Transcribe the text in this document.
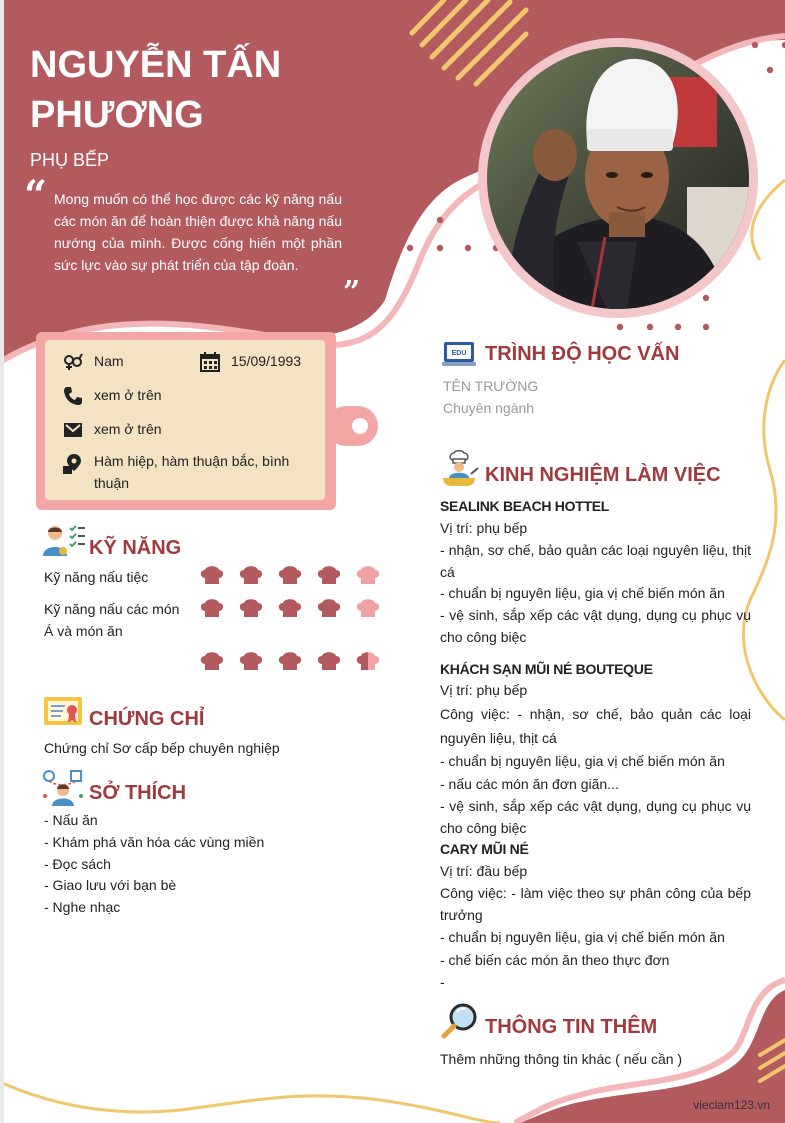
NGUYỄN TẤN PHƯƠNG
PHỤ BẾP
“ Mong muốn có thể học được các kỹ năng nấu các món ăn để hoàn thiện được khả năng nấu nướng của mình. Được cống hiến một phần sức lực vào sự phát triển của tập đoàn.
”
Nam	15/09/1993
xem ở trên
xem ở trên
Hàm hiệp, hàm thuận bắc, bình thuận
KỸ NĂNG
Kỹ năng nấu tiệc
Kỹ năng nấu các món Á và món ăn
CHỨNG CHỈ
Chứng chỉ Sơ cấp bếp chuyên nghiệp
SỞ THÍCH
- Nấu ăn
- Khám phá văn hóa các vùng miền
- Đọc sách
- Giao lưu với bạn bè
- Nghe nhạc
EDU TRÌNH ĐỘ HỌC VẤN
TÊN TRƯỜNG
Chuyên ngành
KINH NGHIỆM LÀM VIỆC
SEALINK BEACH HOTTEL
Vị trí: phụ bếp
- nhận, sơ chế, bảo quản các loại nguyên liệu, thịt cá
- chuẩn bị nguyên liệu, gia vị chế biến món ăn
- vệ sinh, sắp xếp các vật dụng, dụng cụ phục vụ cho công biệc
KHÁCH SẠN MŨI NÉ BOUTEQUE
Vị trí: phụ bếp
Công việc: - nhận, sơ chế, bảo quản các loại nguyên liệu, thịt cá
- chuẩn bị nguyên liệu, gia vị chế biến món ăn
- nấu các món ăn đơn giãn...
- vệ sinh, sắp xếp các vật dụng, dụng cụ phục vụ cho công biệc
CARY MŨI NÉ
Vị trí: đầu bếp
Công việc: - làm việc theo sự phân công của bếp trưởng
- chuẩn bị nguyên liệu, gia vị chế biến món ăn
- chế biến các món ăn theo thực đơn
-
THÔNG TIN THÊM
Thêm những thông tin khác ( nếu cần )
vieclam123.vn
